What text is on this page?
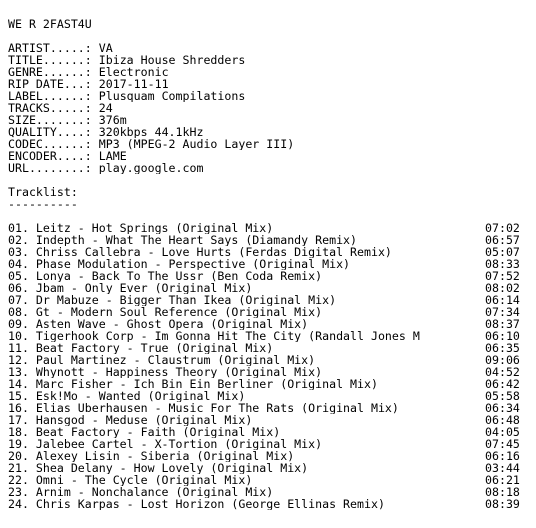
WE R 2FAST4U
ARTIST.....: VA
TITLE......: Ibiza House Shredders
GENRE......: Electronic
RIP DATE...: 2017-11-11
LABEL......: Plusquam Compilations
TRACKS.....: 24
SIZE.......: 376m
QUALITY....: 320kbps 44.1kHz
CODEC......: MP3 (MPEG-2 Audio Layer III)
ENCODER....: LAME
URL........: play.google.com
Tracklist:
----------
01. Leitz - Hot Springs (Original Mix)	07:02
02. Indepth - What The Heart Says (Diamandy Remix)	06:57
03. Chriss Callebra - Love Hurts (Ferdas Digital Remix)	05:07
04. Phase Modulation - Perspective (Original Mix)	08:33
05. Lonya - Back To The Ussr (Ben Coda Remix)	07:52
06. Jbam - Only Ever (Original Mix)	08:02
07. Dr Mabuze - Bigger Than Ikea (Original Mix)	06:14
08. Gt - Modern Soul Reference (Original Mix)	07:34
09. Asten Wave - Ghost Opera (Original Mix)	08:37
10. Tigerhook Corp - Im Gonna Hit The City (Randall Jones M	06:10
11. Beat Factory - True (Original Mix)	06:35
12. Paul Martinez - Claustrum (Original Mix)	09:06
13. Whynott - Happiness Theory (Original Mix)	04:52
14. Marc Fisher - Ich Bin Ein Berliner (Original Mix)	06:42
15. Esk!Mo - Wanted (Original Mix)	05:58
16. Elias Uberhausen - Music For The Rats (Original Mix)	06:34
17. Hansgod - Meduse (Original Mix)	06:48
18. Beat Factory - Faith (Original Mix)	04:05
19. Jalebee Cartel - X-Tortion (Original Mix)	07:45
20. Alexey Lisin - Siberia (Original Mix)	06:16
21. Shea Delany - How Lovely (Original Mix)	03:44
22. Omni - The Cycle (Original Mix)	06:21
23. Arnim - Nonchalance (Original Mix)	08:18
24. Chris Karpas - Lost Horizon (George Ellinas Remix)	08:39
